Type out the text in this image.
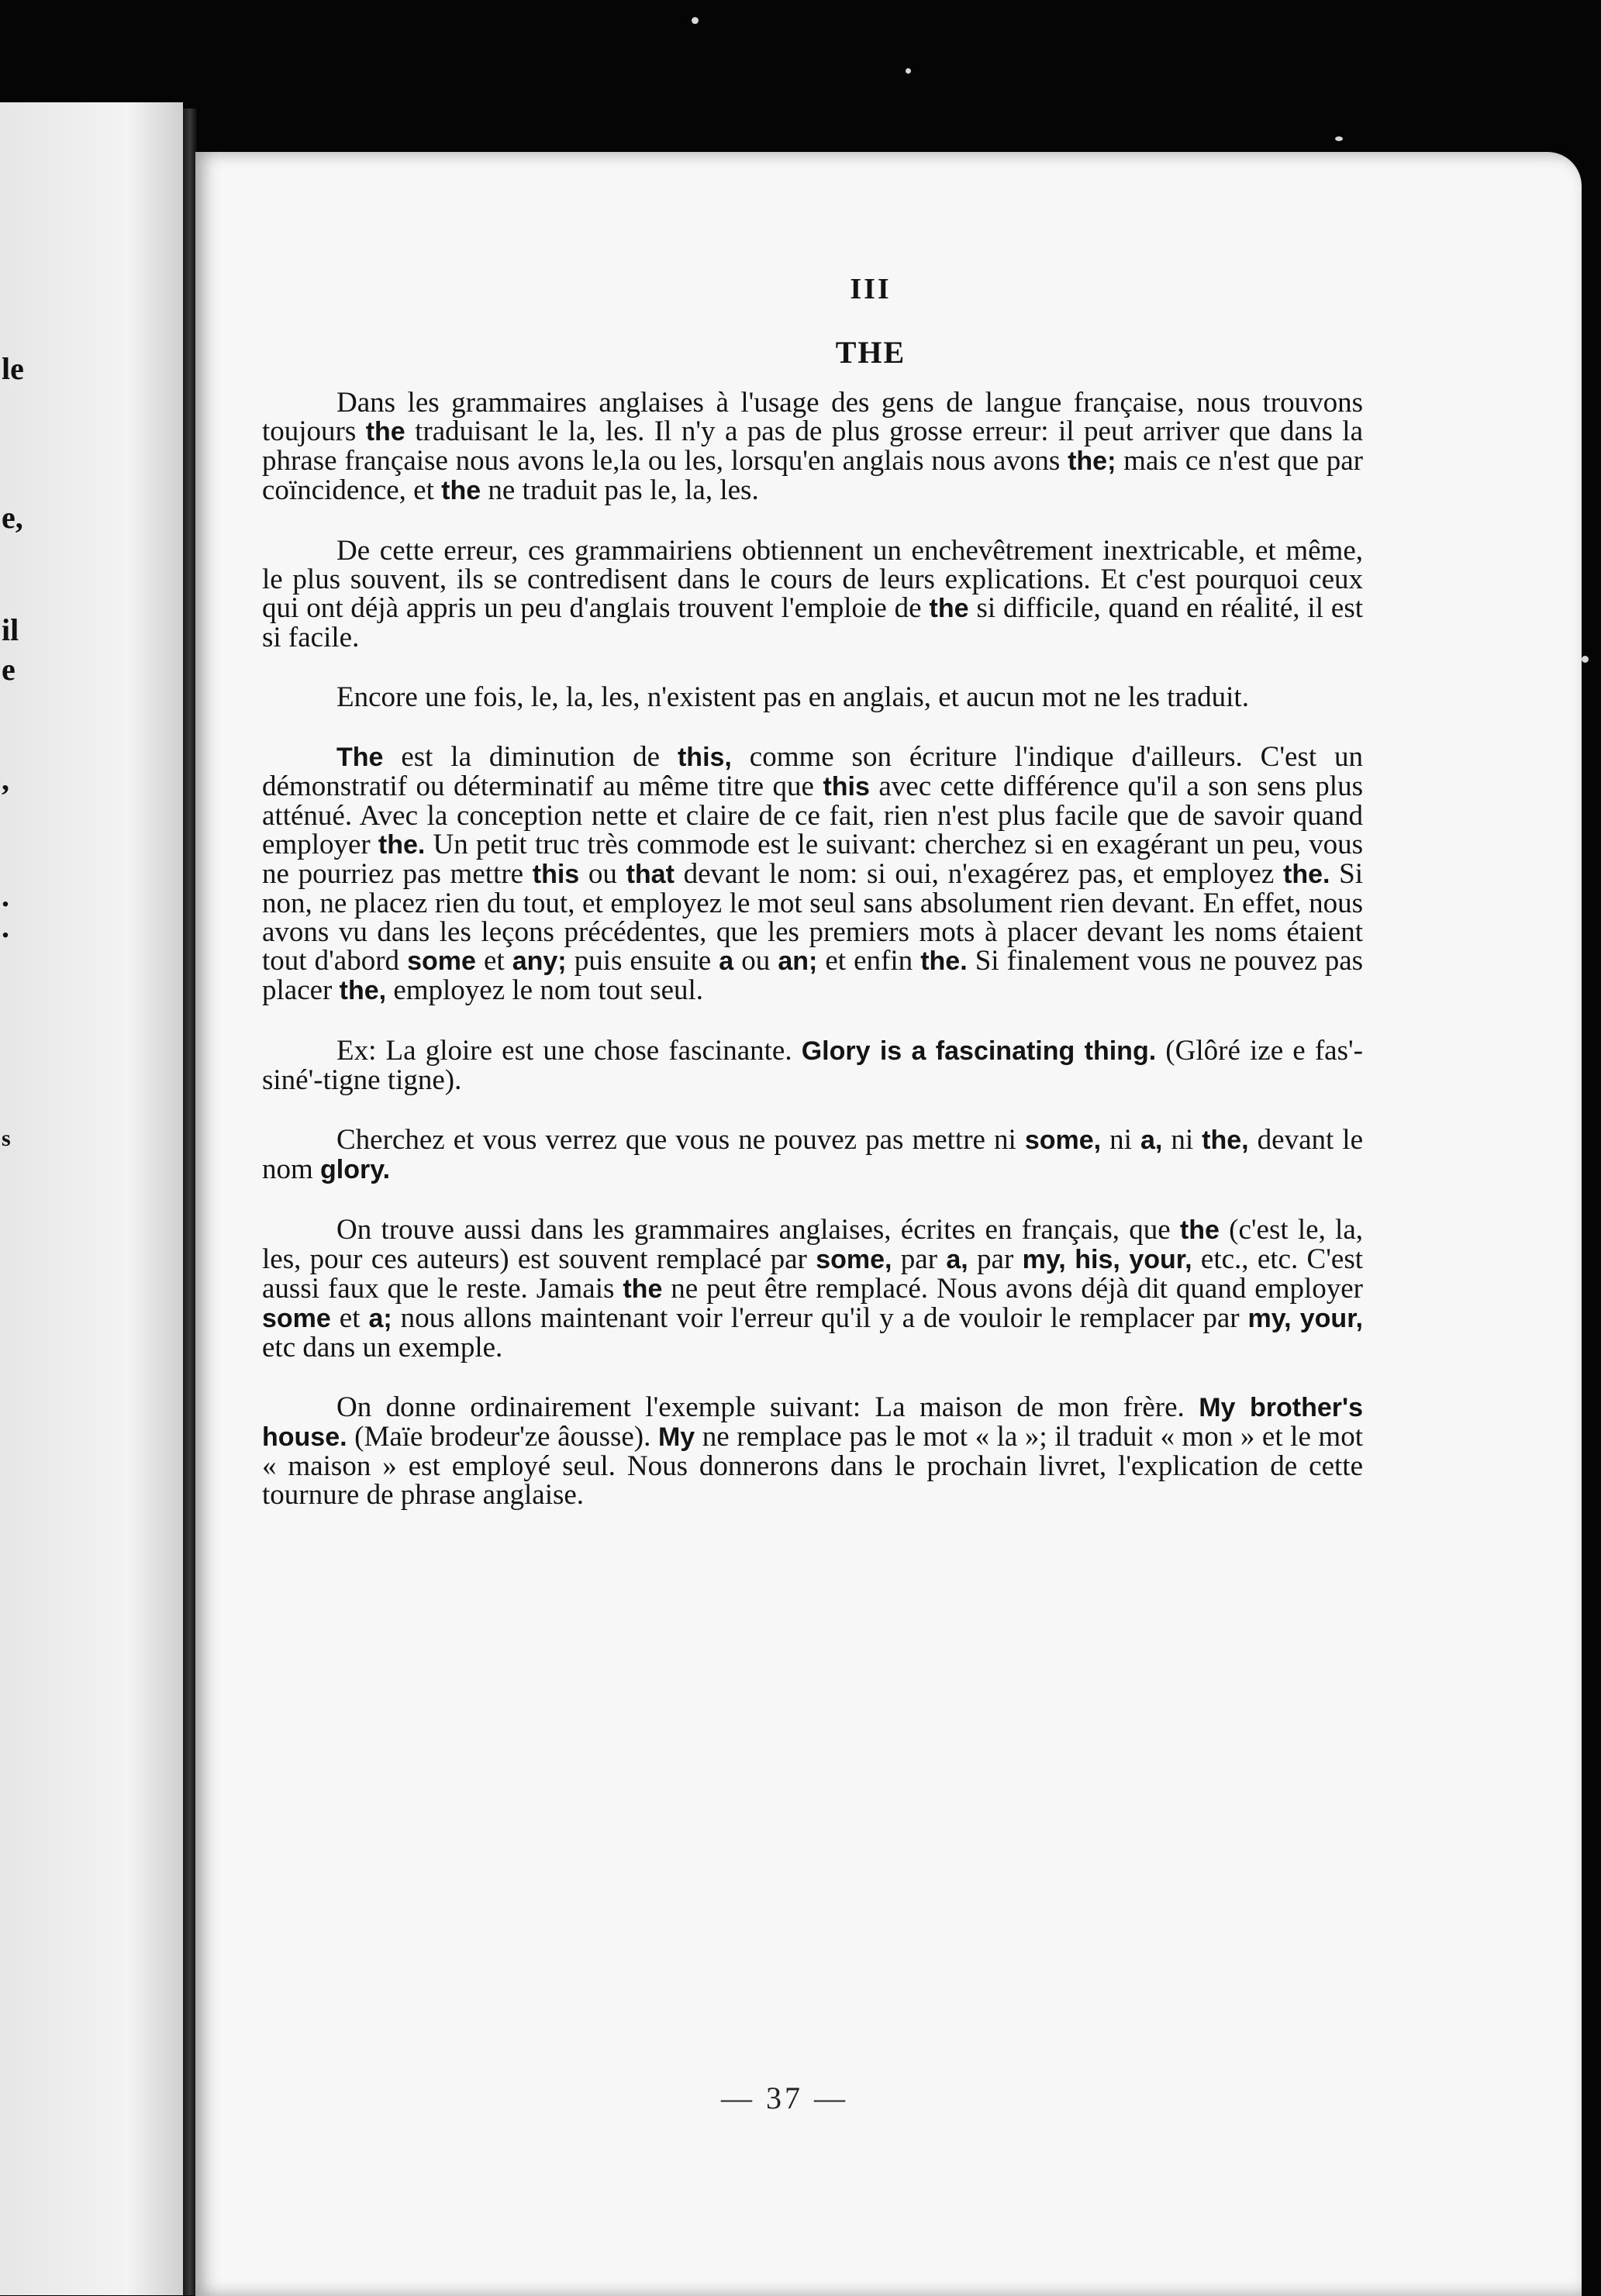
le
e,
il
e
,
.
.
s
III
THE

Dans les grammaires anglaises à l'usage des gens de langue française, nous trouvons toujours the traduisant le la, les. Il n'y a pas de plus grosse erreur: il peut arriver que dans la phrase française nous avons le,la ou les, lorsqu'en anglais nous avons the; mais ce n'est que par coïncidence, et the ne traduit pas le, la, les.

De cette erreur, ces grammairiens obtiennent un enchevêtrement inextricable, et même, le plus souvent, ils se contredisent dans le cours de leurs explications. Et c'est pourquoi ceux qui ont déjà appris un peu d'anglais trouvent l'emploie de the si difficile, quand en réalité, il est si facile.

Encore une fois, le, la, les, n'existent pas en anglais, et aucun mot ne les traduit.

The est la diminution de this, comme son écriture l'indique d'ailleurs. C'est un démonstratif ou déterminatif au même titre que this avec cette différence qu'il a son sens plus atténué. Avec la conception nette et claire de ce fait, rien n'est plus facile que de savoir quand employer the. Un petit truc très commode est le suivant: cherchez si en exagérant un peu, vous ne pourriez pas mettre this ou that devant le nom: si oui, n'exagérez pas, et employez the. Si non, ne placez rien du tout, et employez le mot seul sans absolument rien devant. En effet, nous avons vu dans les leçons précédentes, que les premiers mots à placer devant les noms étaient tout d'abord some et any; puis ensuite a ou an; et enfin the. Si finalement vous ne pouvez pas placer the, employez le nom tout seul.

Ex: La gloire est une chose fascinante. Glory is a fascinating thing. (Glôré ize e fas'-siné'-tigne tigne).

Cherchez et vous verrez que vous ne pouvez pas mettre ni some, ni a, ni the, devant le nom glory.

On trouve aussi dans les grammaires anglaises, écrites en français, que the (c'est le, la, les, pour ces auteurs) est souvent remplacé par some, par a, par my, his, your, etc., etc. C'est aussi faux que le reste. Jamais the ne peut être remplacé. Nous avons déjà dit quand employer some et a; nous allons maintenant voir l'erreur qu'il y a de vouloir le remplacer par my, your, etc dans un exemple.

On donne ordinairement l'exemple suivant: La maison de mon frère. My brother's house. (Maïe brodeur'ze âousse). My ne remplace pas le mot « la »; il traduit « mon » et le mot « maison » est employé seul. Nous donnerons dans le prochain livret, l'explication de cette tournure de phrase anglaise.

— 37 —
